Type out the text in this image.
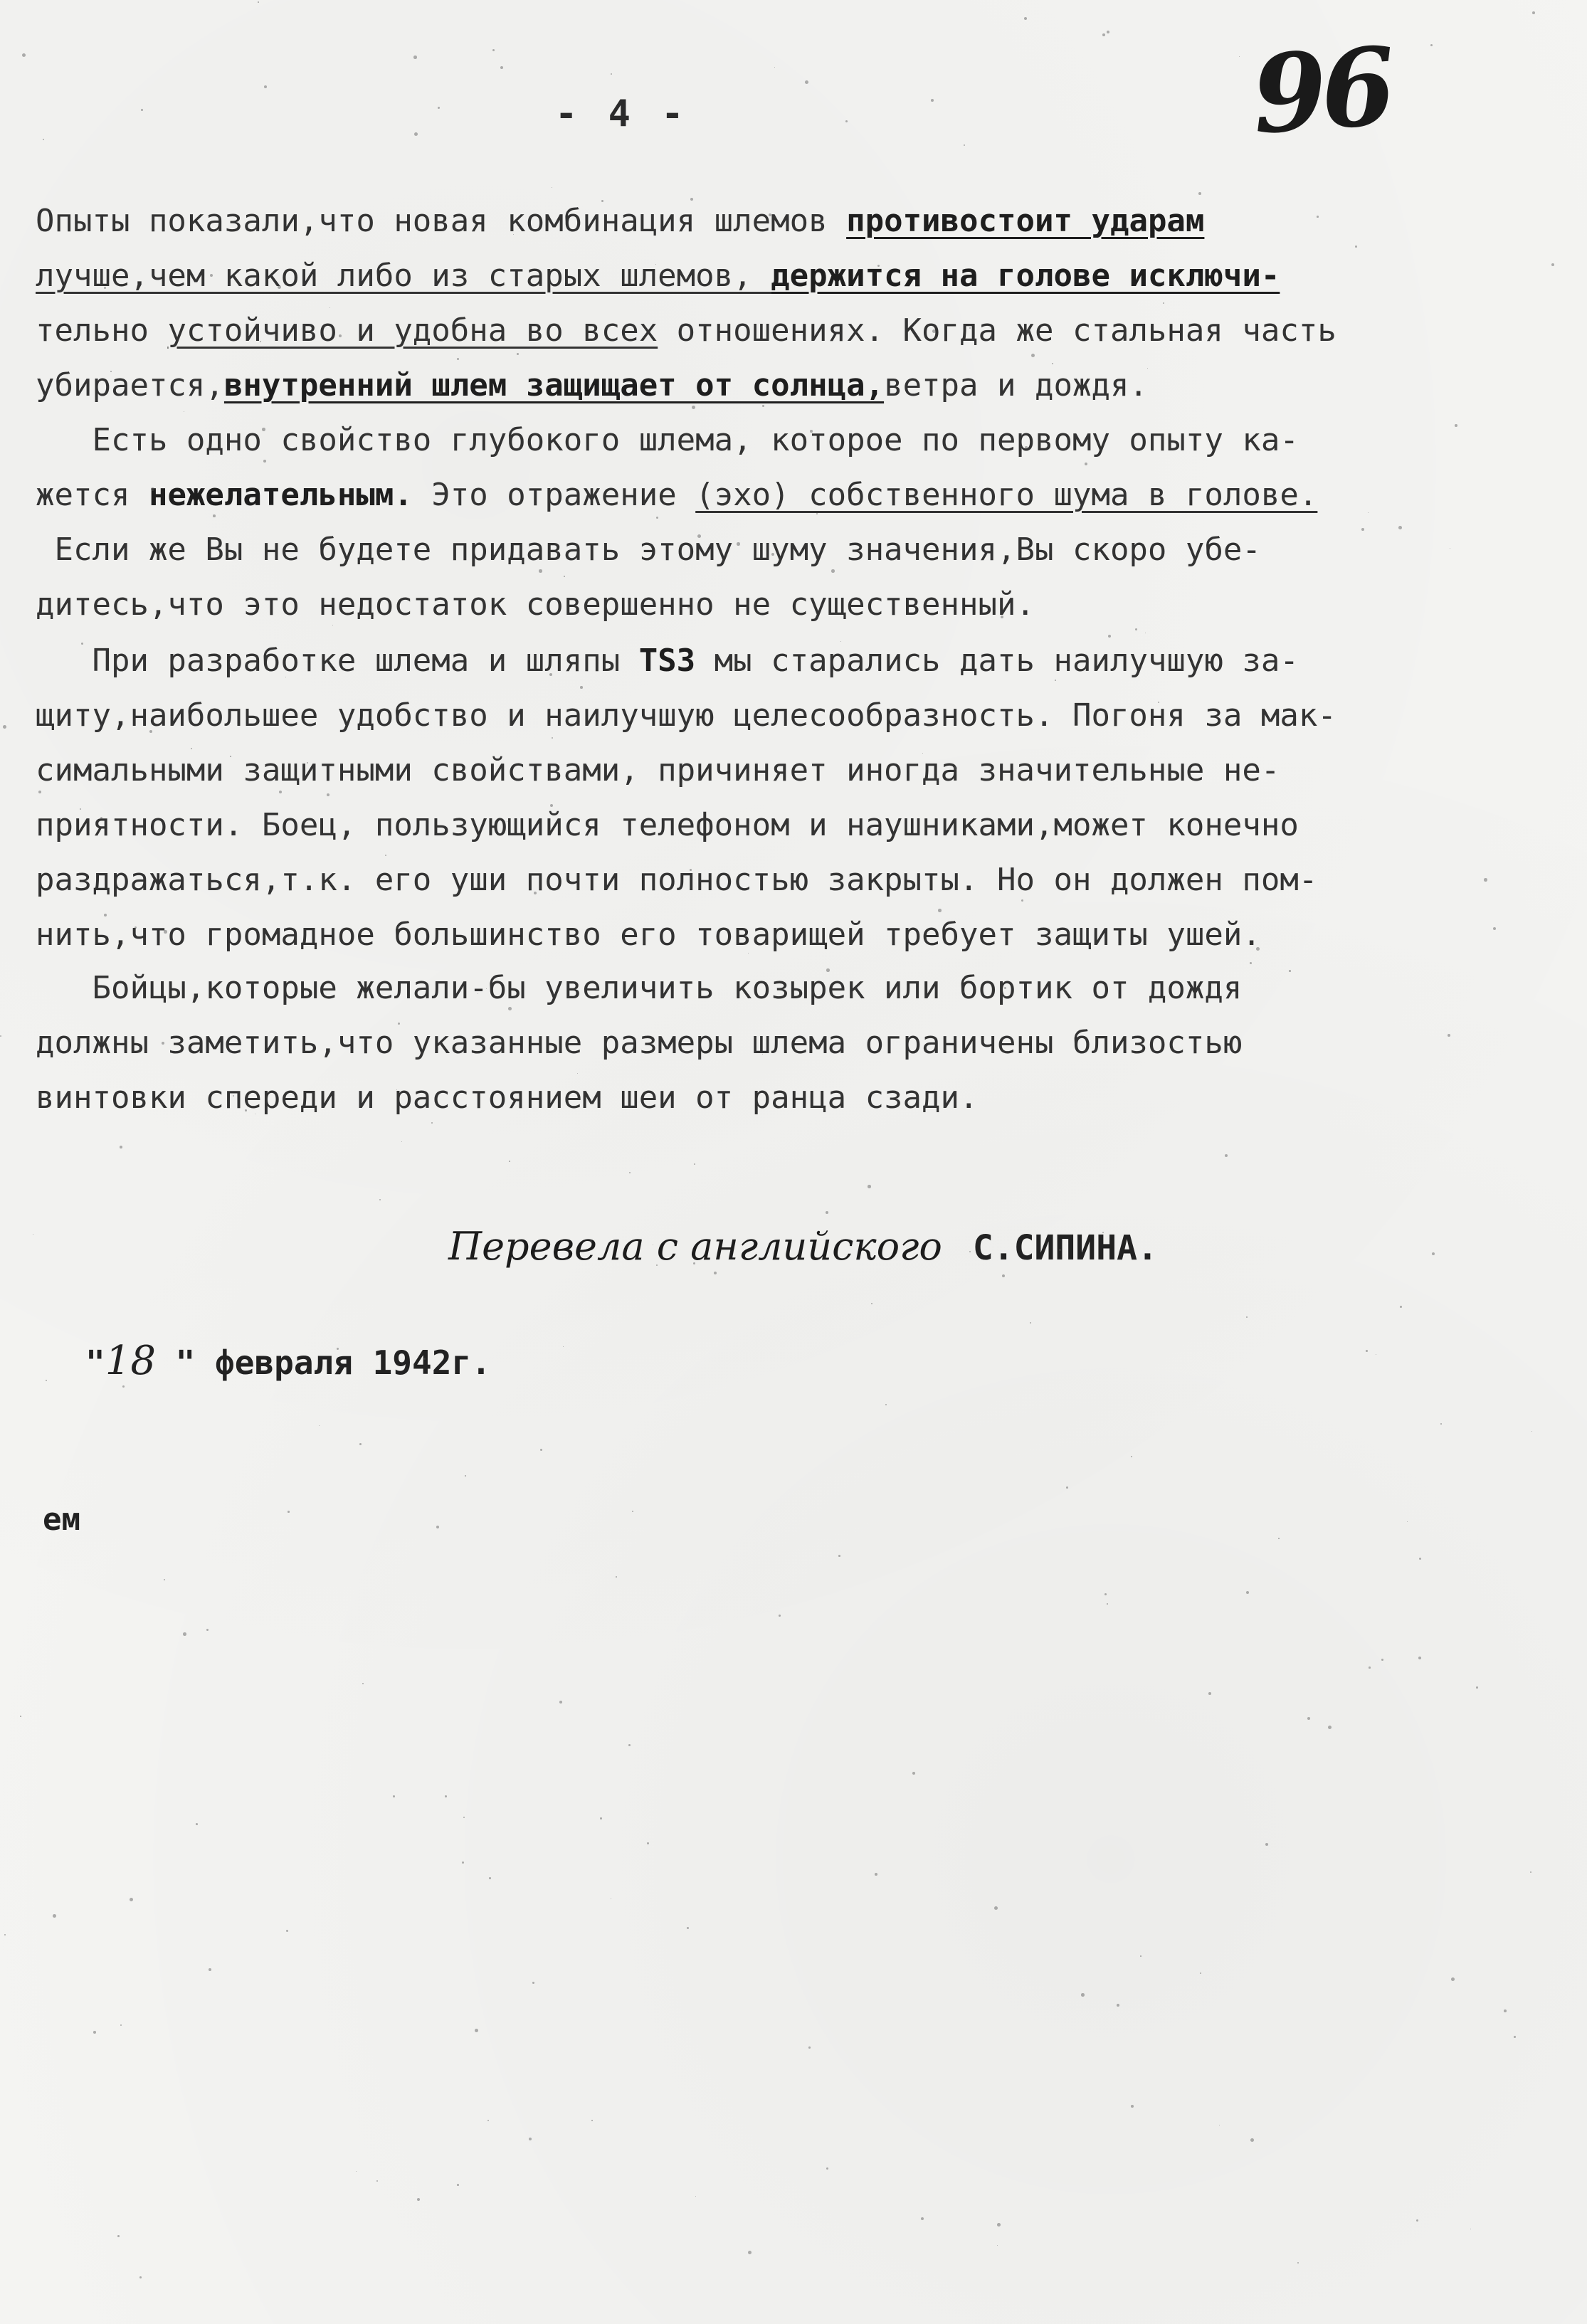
- 4 -	96
Опыты показали,что новая комбинация шлемов противостоит ударам
лучше,чем какой либо из старых шлемов, держится на голове исключи-
тельно устойчиво и удобна во всех отношениях. Когда же стальная часть
убирается,внутренний шлем защищает от солнца,ветра и дождя.
Есть одно свойство глубокого шлема, которое по первому опыту ка-
жется нежелательным. Это отражение (эхо) собственного шума в голове.
Если же Вы не будете придавать этому шуму значения,Вы скоро убе-
дитесь,что это недостаток совершенно не существенный.
При разработке шлема и шляпы TS3 мы старались дать наилучшую за-
щиту,наибольшее удобство и наилучшую целесообразность. Погоня за мак-
симальными защитными свойствами, причиняет иногда значительные не-
приятности. Боец, пользующийся телефоном и наушниками,может конечно
раздражаться,т.к. его уши почти полностью закрыты. Но он должен пом-
нить,что громадное большинство его товарищей требует защиты ушей.
Бойцы,которые желали-бы увеличить козырек или бортик от дождя
должны заметить,что указанные размеры шлема ограничены близостью
винтовки спереди и расстоянием шеи от ранца сзади.
Перевела с английского С.СИПИНА.
"18 " февраля 1942г.
ем
